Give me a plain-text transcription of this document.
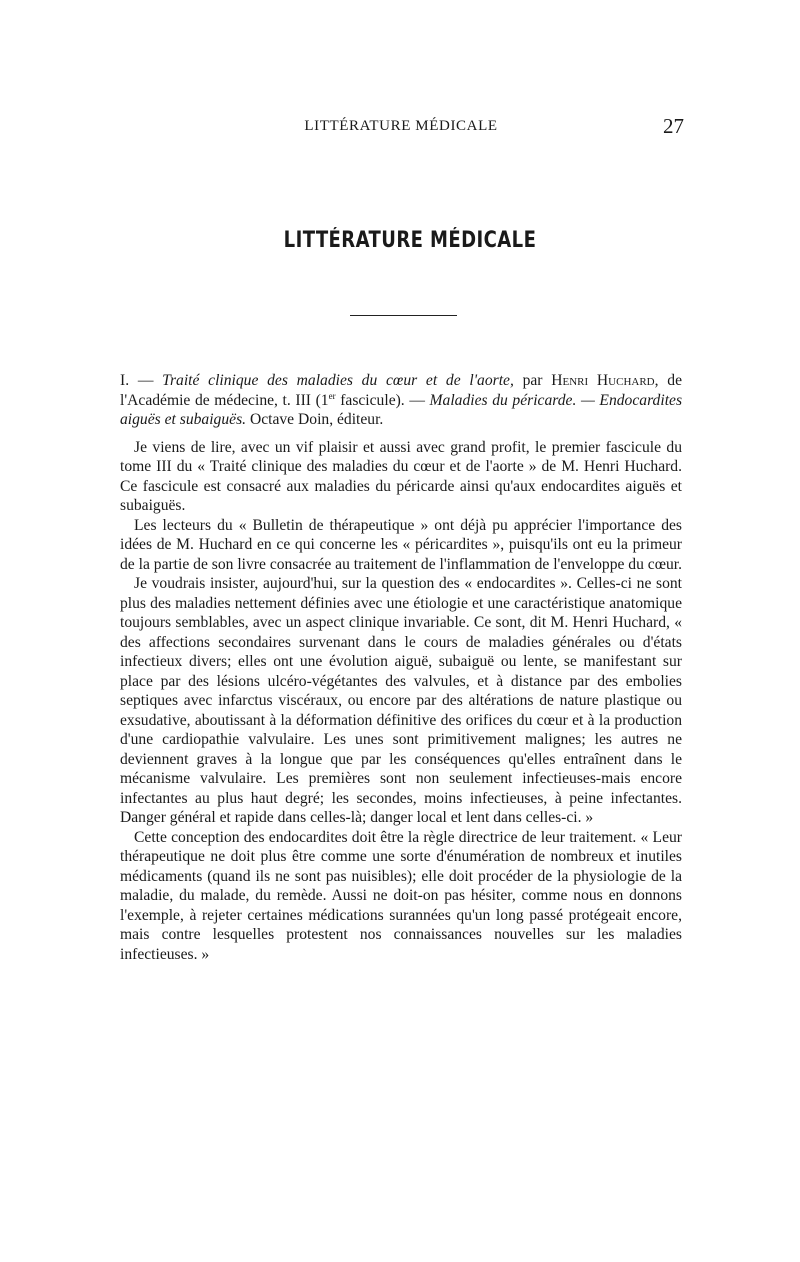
LITTÉRATURE MÉDICALE	27
LITTÉRATURE MÉDICALE

I. — Traité clinique des maladies du cœur et de l'aorte, par Henri Huchard, de l'Académie de médecine, t. III (1er fascicule). — Maladies du péricarde. — Endocardites aiguës et subaiguës. Octave Doin, éditeur.

Je viens de lire, avec un vif plaisir et aussi avec grand profit, le premier fascicule du tome III du « Traité clinique des maladies du cœur et de l'aorte » de M. Henri Huchard. Ce fascicule est consacré aux maladies du péricarde ainsi qu'aux endocardites aiguës et subaiguës.

Les lecteurs du « Bulletin de thérapeutique » ont déjà pu apprécier l'importance des idées de M. Huchard en ce qui concerne les « péricardites », puisqu'ils ont eu la primeur de la partie de son livre consacrée au traitement de l'inflammation de l'enveloppe du cœur.

Je voudrais insister, aujourd'hui, sur la question des « endocardites ». Celles-ci ne sont plus des maladies nettement définies avec une étiologie et une caractéristique anatomique toujours semblables, avec un aspect clinique invariable. Ce sont, dit M. Henri Huchard, « des affections secondaires survenant dans le cours de maladies générales ou d'états infectieux divers; elles ont une évolution aiguë, subaiguë ou lente, se manifestant sur place par des lésions ulcéro-végétantes des valvules, et à distance par des embolies septiques avec infarctus viscéraux, ou encore par des altérations de nature plastique ou exsudative, aboutissant à la déformation définitive des orifices du cœur et à la production d'une cardiopathie valvulaire. Les unes sont primitivement malignes; les autres ne deviennent graves à la longue que par les conséquences qu'elles entraînent dans le mécanisme valvulaire. Les premières sont non seulement infectieuses-mais encore infectantes au plus haut degré; les secondes, moins infectieuses, à peine infectantes. Danger général et rapide dans celles-là; danger local et lent dans celles-ci. »

Cette conception des endocardites doit être la règle directrice de leur traitement. « Leur thérapeutique ne doit plus être comme une sorte d'énumération de nombreux et inutiles médicaments (quand ils ne sont pas nuisibles); elle doit procéder de la physiologie de la maladie, du malade, du remède. Aussi ne doit-on pas hésiter, comme nous en donnons l'exemple, à rejeter certaines médications surannées qu'un long passé protégeait encore, mais contre lesquelles protestent nos connaissances nouvelles sur les maladies infectieuses. »
